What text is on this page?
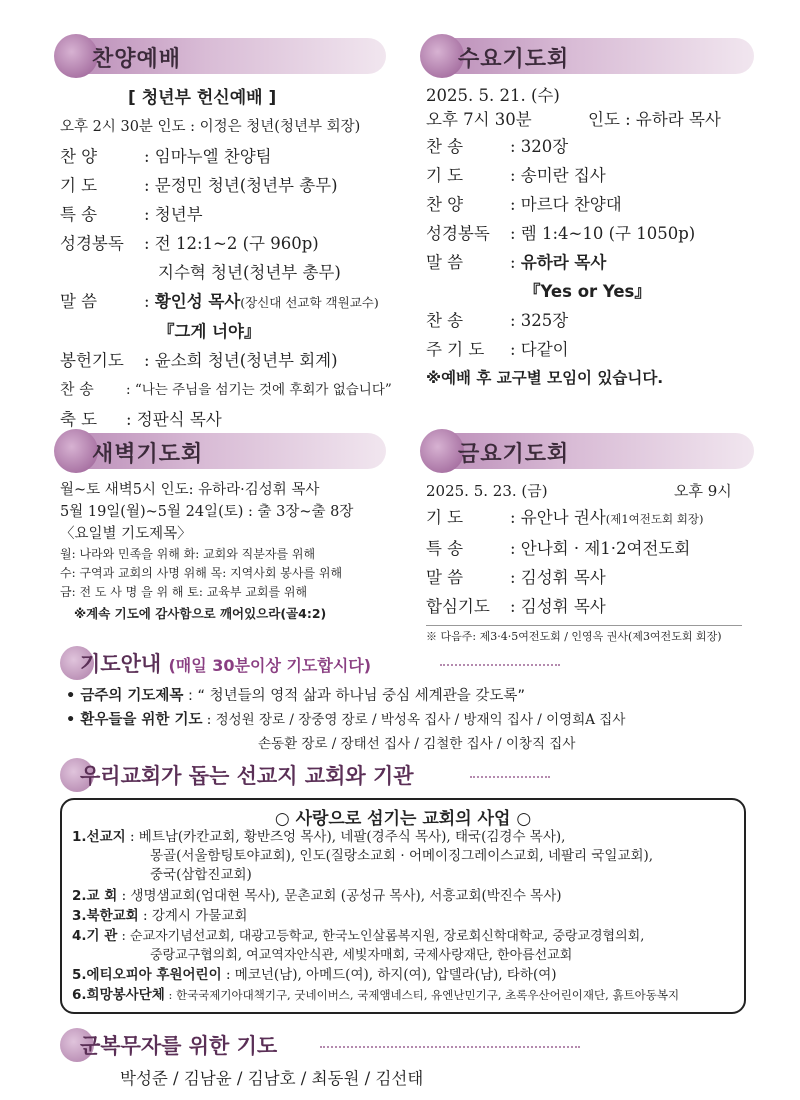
찬양예배
[ 청년부 헌신예배 ]
오후 2시 30분 인도 : 이정은 청년(청년부 회장)
찬 양	: 임마누엘 찬양팀
기 도	: 문정민 청년(청년부 총무)
특 송	: 청년부
성경봉독 : 전 12:1~2 (구 960p)
지수혁 청년(청년부 총무)
말 씀	: 황인성 목사(장신대 선교학 객원교수)
『그게 너야』
봉헌기도 : 윤소희 청년(청년부 회계)
찬 송 : “나는 주님을 섬기는 것에 후회가 없습니다”
축 도 : 정판식 목사
수요기도회
2025. 5. 21. (수)
오후 7시 30분	인도 : 유하라 목사
찬 송	: 320장
기 도	: 송미란 집사
찬 양	: 마르다 찬양대
성경봉독 : 렘 1:4~10 (구 1050p)
말 씀	: 유하라 목사
『Yes or Yes』
찬 송	: 325장
주 기 도 : 다같이
※예배 후 교구별 모임이 있습니다.
새벽기도회
월~토 새벽5시 인도: 유하라·김성휘 목사
5월 19일(월)~5월 24일(토) : 출 3장~출 8장
〈요일별 기도제목〉
월: 나라와 민족을 위해 화: 교회와 직분자를 위해
수: 구역과 교회의 사명 위해 목: 지역사회 봉사를 위해
금: 전 도 사 명 을 위 해 토: 교육부 교회를 위해
※계속 기도에 감사함으로 깨어있으라(골4:2)
금요기도회
2025. 5. 23. (금)	오후 9시
기 도	: 유안나 권사(제1여전도회 회장)
특 송	: 안나회 · 제1·2여전도회
말 씀	: 김성휘 목사
합심기도 : 김성휘 목사
※ 다음주: 제3·4·5여전도회 / 인영옥 권사(제3여전도회 회장)
기도안내 (매일 30분이상 기도합시다)
• 금주의 기도제목 : “ 청년들의 영적 삶과 하나님 중심 세계관을 갖도록”
• 환우들을 위한 기도 : 정성원 장로 / 장중영 장로 / 박성옥 집사 / 방재익 집사 / 이영희A 집사
손동환 장로 / 장태선 집사 / 김철한 집사 / 이창직 집사
우리교회가 돕는 선교지 교회와 기관
○ 사랑으로 섬기는 교회의 사업 ○
1.선교지 : 베트남(카칸교회, 황반즈엉 목사), 네팔(경주식 목사), 태국(김경수 목사),
몽골(서울함팅토야교회), 인도(질랑소교회 · 어메이징그레이스교회, 네팔리 국일교회),
중국(삼합진교회)
2.교 회 : 생명샘교회(엄대현 목사), 문촌교회 (공성규 목사), 서흥교회(박진수 목사)
3.북한교회 : 강계시 가물교회
4.기 관 : 순교자기념선교회, 대광고등학교, 한국노인살롬복지원, 장로회신학대학교, 중랑교경협의회,
중랑교구협의회, 여교역자안식관, 세빛자매회, 국제사랑재단, 한아름선교회
5.에티오피아 후원어린이 : 메코넌(남), 아메드(여), 하지(여), 압델라(남), 타하(여)
6.희망봉사단체 : 한국국제기아대책기구, 굿네이버스, 국제앰네스티, 유엔난민기구, 초록우산어린이재단, 흙트아동복지
군복무자를 위한 기도
박성준 / 김남윤 / 김남호 / 최동원 / 김선태
